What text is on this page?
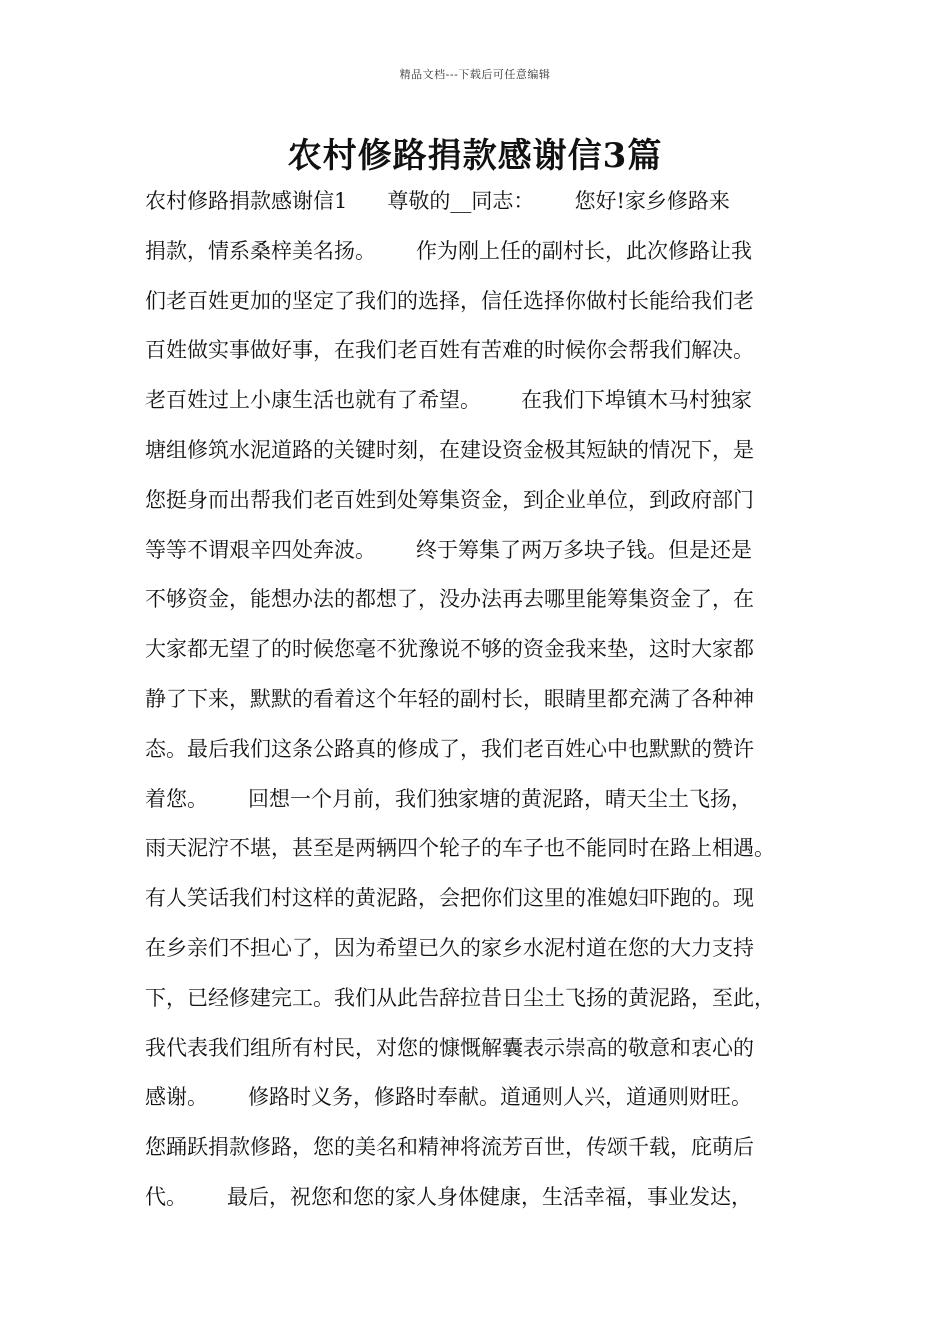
精品文档---下载后可任意编辑
农村修路捐款感谢信3篇
农村修路捐款感谢信1      尊敬的__同志：      您好!家乡修路来
捐款，情系桑梓美名扬。      作为刚上任的副村长，此次修路让我
们老百姓更加的坚定了我们的选择，信任选择你做村长能给我们老
百姓做实事做好事，在我们老百姓有苦难的时候你会帮我们解决。
老百姓过上小康生活也就有了希望。      在我们下埠镇木马村独家
塘组修筑水泥道路的关键时刻，在建设资金极其短缺的情况下，是
您挺身而出帮我们老百姓到处筹集资金，到企业单位，到政府部门
等等不谓艰辛四处奔波。      终于筹集了两万多块子钱。但是还是
不够资金，能想办法的都想了，没办法再去哪里能筹集资金了，在
大家都无望了的时候您毫不犹豫说不够的资金我来垫，这时大家都
静了下来，默默的看着这个年轻的副村长，眼睛里都充满了各种神
态。最后我们这条公路真的修成了，我们老百姓心中也默默的赞许
着您。      回想一个月前，我们独家塘的黄泥路，晴天尘土飞扬，
雨天泥泞不堪，甚至是两辆四个轮子的车子也不能同时在路上相遇。
有人笑话我们村这样的黄泥路，会把你们这里的准媳妇吓跑的。现
在乡亲们不担心了，因为希望已久的家乡水泥村道在您的大力支持
下，已经修建完工。我们从此告辞拉昔日尘土飞扬的黄泥路，至此，
我代表我们组所有村民，对您的慷慨解囊表示崇高的敬意和衷心的
感谢。      修路时义务，修路时奉献。道通则人兴，道通则财旺。
您踊跃捐款修路，您的美名和精神将流芳百世，传颂千载，庇萌后
代。      最后，祝您和您的家人身体健康，生活幸福，事业发达，
